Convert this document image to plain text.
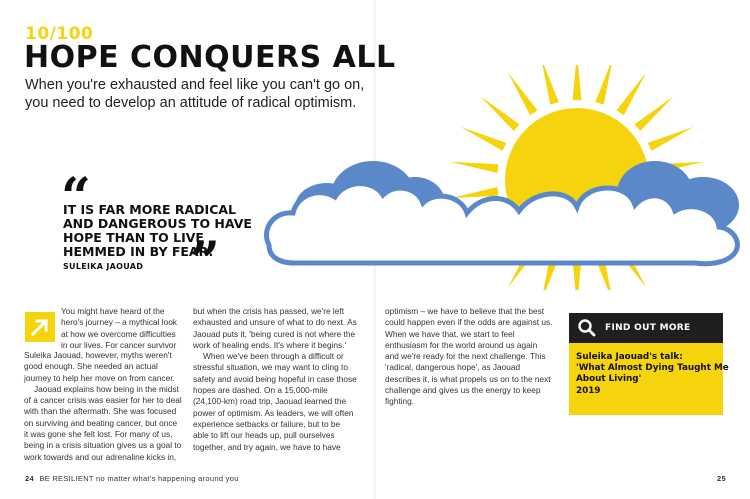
10/100
HOPE CONQUERS ALL
When you're exhausted and feel like you can't go on, you need to develop an attitude of radical optimism.
“
IT IS FAR MORE RADICAL AND DANGEROUS TO HAVE HOPE THAN TO LIVE HEMMED IN BY FEAR.
SULEIKA JAOUAD ”
You might have heard of the hero's journey – a mythical look at how we overcome difficulties in our lives. For cancer survivor

Suleika Jaouad, however, myths weren't good enough. She needed an actual journey to help her move on from cancer.

Jaouad explains how being in the midst of a cancer crisis was easier for her to deal with than the aftermath. She was focused on surviving and beating cancer, but once it was gone she felt lost. For many of us, being in a crisis situation gives us a goal to work towards and our adrenaline kicks in,

but when the crisis has passed, we're left exhausted and unsure of what to do next. As Jaouad puts it, 'being cured is not where the work of healing ends. It's where it begins.'

When we've been through a difficult or stressful situation, we may want to cling to safety and avoid being hopeful in case those hopes are dashed. On a 15,000-mile (24,100-km) road trip, Jaouad learned the power of optimism. As leaders, we will often experience setbacks or failure, but to be able to lift our heads up, pull ourselves together, and try again, we have to have

optimism – we have to believe that the best could happen even if the odds are against us. When we have that, we start to feel enthusiasm for the world around us again and we're ready for the next challenge. This 'radical, dangerous hope', as Jaouad describes it, is what propels us on to the next challenge and gives us the energy to keep fighting.

FIND OUT MORE
Suleika Jaouad's talk:
'What Almost Dying Taught Me
About Living'
2019
24 BE RESILIENT no matter what's happening around you	25
